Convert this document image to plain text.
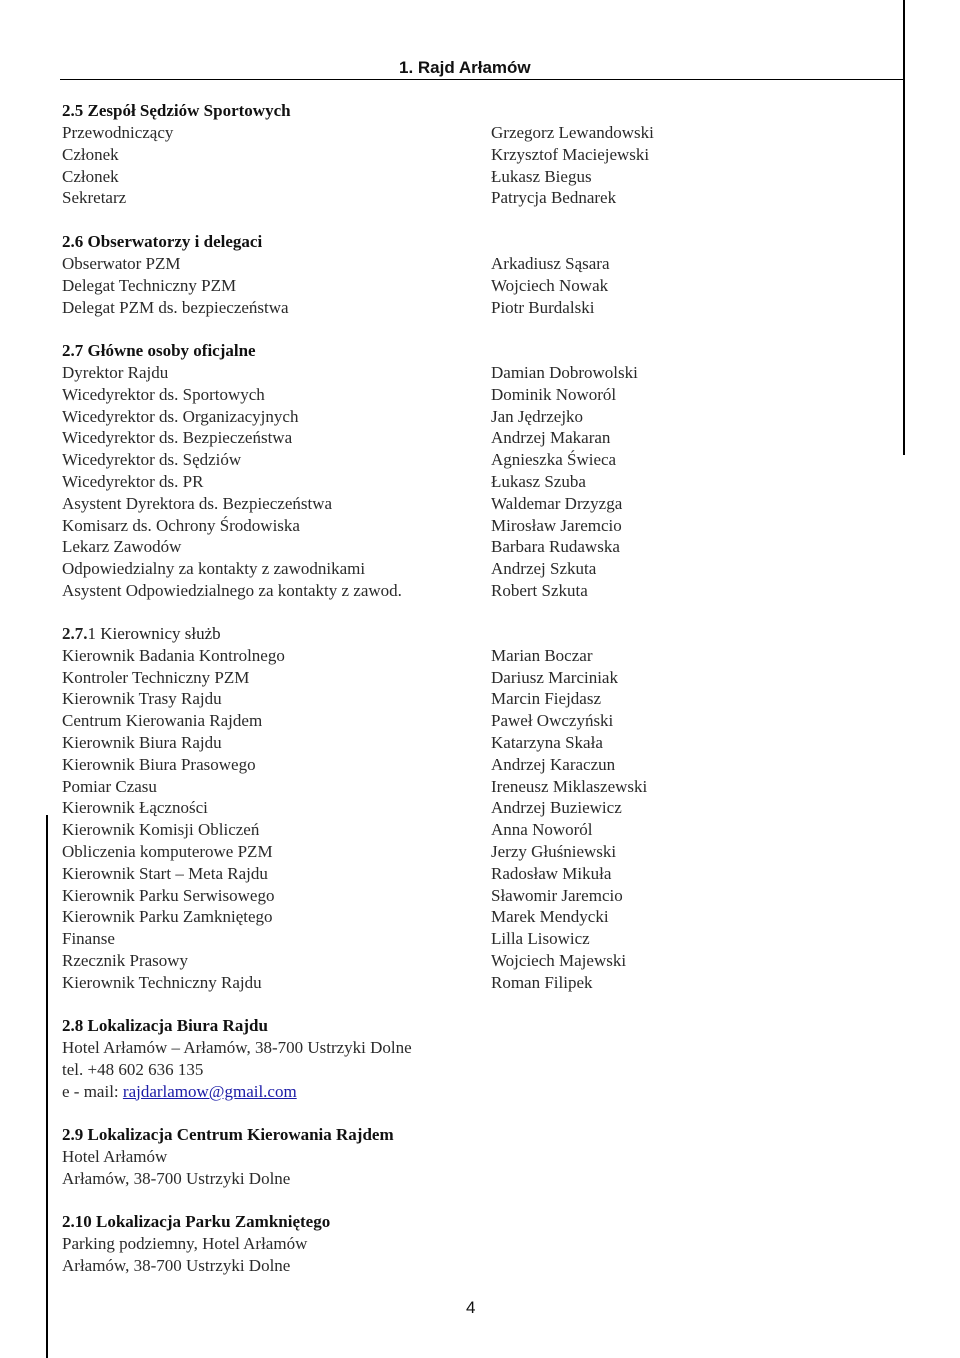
1. Rajd Arłamów
2.5 Zespół Sędziów Sportowych
Przewodniczący	Grzegorz Lewandowski
Członek	Krzysztof Maciejewski
Członek	Łukasz Biegus
Sekretarz	Patrycja Bednarek
2.6 Obserwatorzy i delegaci
Obserwator PZM	Arkadiusz Sąsara
Delegat Techniczny PZM	Wojciech Nowak
Delegat PZM ds. bezpieczeństwa	Piotr Burdalski
2.7 Główne osoby oficjalne
Dyrektor Rajdu	Damian Dobrowolski
Wicedyrektor ds. Sportowych	Dominik Noworól
Wicedyrektor ds. Organizacyjnych	Jan Jędrzejko
Wicedyrektor ds. Bezpieczeństwa	Andrzej Makaran
Wicedyrektor ds. Sędziów	Agnieszka Świeca
Wicedyrektor ds. PR	Łukasz Szuba
Asystent Dyrektora ds. Bezpieczeństwa	Waldemar Drzyzga
Komisarz ds. Ochrony Środowiska	Mirosław Jaremcio
Lekarz Zawodów	Barbara Rudawska
Odpowiedzialny za kontakty z zawodnikami	Andrzej Szkuta
Asystent Odpowiedzialnego za kontakty z zawod.	Robert Szkuta
2.7.1 Kierownicy służb
Kierownik Badania Kontrolnego	Marian Boczar
Kontroler Techniczny PZM	Dariusz Marciniak
Kierownik Trasy Rajdu	Marcin Fiejdasz
Centrum Kierowania Rajdem	Paweł Owczyński
Kierownik Biura Rajdu	Katarzyna Skała
Kierownik Biura Prasowego	Andrzej Karaczun
Pomiar Czasu	Ireneusz Miklaszewski
Kierownik Łączności	Andrzej Buziewicz
Kierownik Komisji Obliczeń	Anna Noworól
Obliczenia komputerowe PZM	Jerzy Głuśniewski
Kierownik Start – Meta Rajdu	Radosław Mikuła
Kierownik Parku Serwisowego	Sławomir Jaremcio
Kierownik Parku Zamkniętego	Marek Mendycki
Finanse	Lilla Lisowicz
Rzecznik Prasowy	Wojciech Majewski
Kierownik Techniczny Rajdu	Roman Filipek
2.8 Lokalizacja Biura Rajdu
Hotel Arłamów – Arłamów, 38-700 Ustrzyki Dolne
tel. +48 602 636 135
e - mail: rajdarlamow@gmail.com
2.9 Lokalizacja Centrum Kierowania Rajdem
Hotel Arłamów
Arłamów, 38-700 Ustrzyki Dolne
2.10 Lokalizacja Parku Zamkniętego
Parking podziemny, Hotel Arłamów
Arłamów, 38-700 Ustrzyki Dolne
4
